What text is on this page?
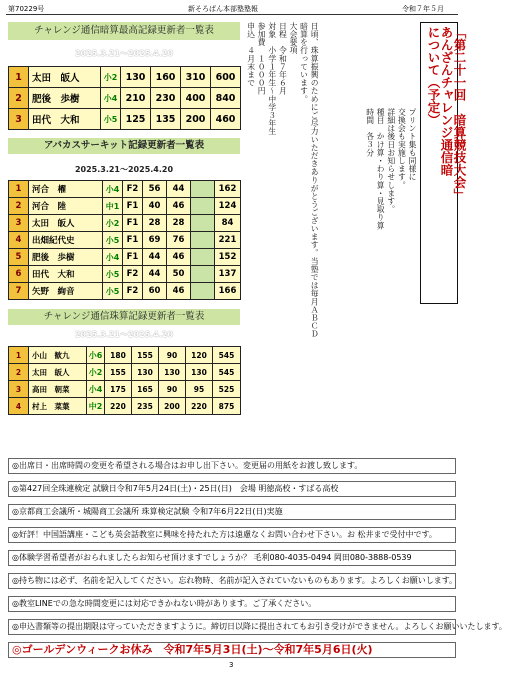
第70229号	新そろばん本部塾塾報	令和７年５月
チャレンジ通信暗算最高記録更新者一覧表
2025.3.21～2025.4.20
1	太田　皈人	小2	130	160	310	600
2	肥後　歩樹	小4	210	230	400	840
3	田代　大和	小5	125	135	200	460
アバカスサーキット記録更新者一覧表
2025.3.21～2025.4.20
1	河合　櫂	小4	F2	56	44		162
2	河合　陸	中1	F1	40	46		124
3	太田　皈人	小2	F1	28	28		84
4	出畑紀代史	小5	F1	69	76		221
5	肥後　歩樹	小4	F1	44	46		152
6	田代　大和	小5	F2	44	50		137
7	矢野　絢音	小5	F2	60	46		166
チャレンジ通信珠算記録更新者一覧表
2025.3.21～2025.4.20
1	小山　歓九	小6	180	155	90	120	545
2	太田　皈人	小2	155	130	130	130	545
3	高田　朝菜	小4	175	165	90	95	525
4	村上　菜葉	中2	220	235	200	220	875
日頃、珠算振興のためにご尽力いただきありがとうございます。当塾では毎月ＡＢＣＤ暗算を行っています。
大会要項
日程　令和７年６月
対象　小学１年生〜中学３年生
参加費　１０００円
申込　４月末まで
プリント集も同様に
交換会も実施します。
詳細は後日お知らせします。
種目　かけ算・わり算・見取り算
時間　各３分
「第二十一回　暗算競技大会」
あんざんチャレンジ通信暗
について（予定）
◎出席日・出席時間の変更を希望される場合はお申し出下さい。変更届の用紙をお渡し致します。
◎第427回全珠連検定 試験日令和7年5月24日(土)・25日(日)　会場 明徳高校・すばる高校
◎京都商工会議所・城陽商工会議所 珠算検定試験 令和7年6月22日(日)実施
◎好評！中国語講座・こども英会話教室に興味を持たれた方は遠慮なくお問い合わせ下さい。お 松井まで受付中です。
◎体験学習希望者がおられましたらお知らせ頂けますでしょうか？ 毛利080-4035-0494 岡田080-3888-0539
◎持ち物には必ず、名前を記入してください。忘れ物時、名前が記入されていないものもあります。よろしくお願いします。
◎教室LINEでの急な時間変更には対応できかねない時があります。ご了承ください。
◎申込書類等の提出期限は守っていただきますように。締切日以降に提出されてもお引き受けができません。よろしくお願いいたします。
◎ゴールデンウィークお休み　令和7年5月3日(土)～令和7年5月6日(火)
3
